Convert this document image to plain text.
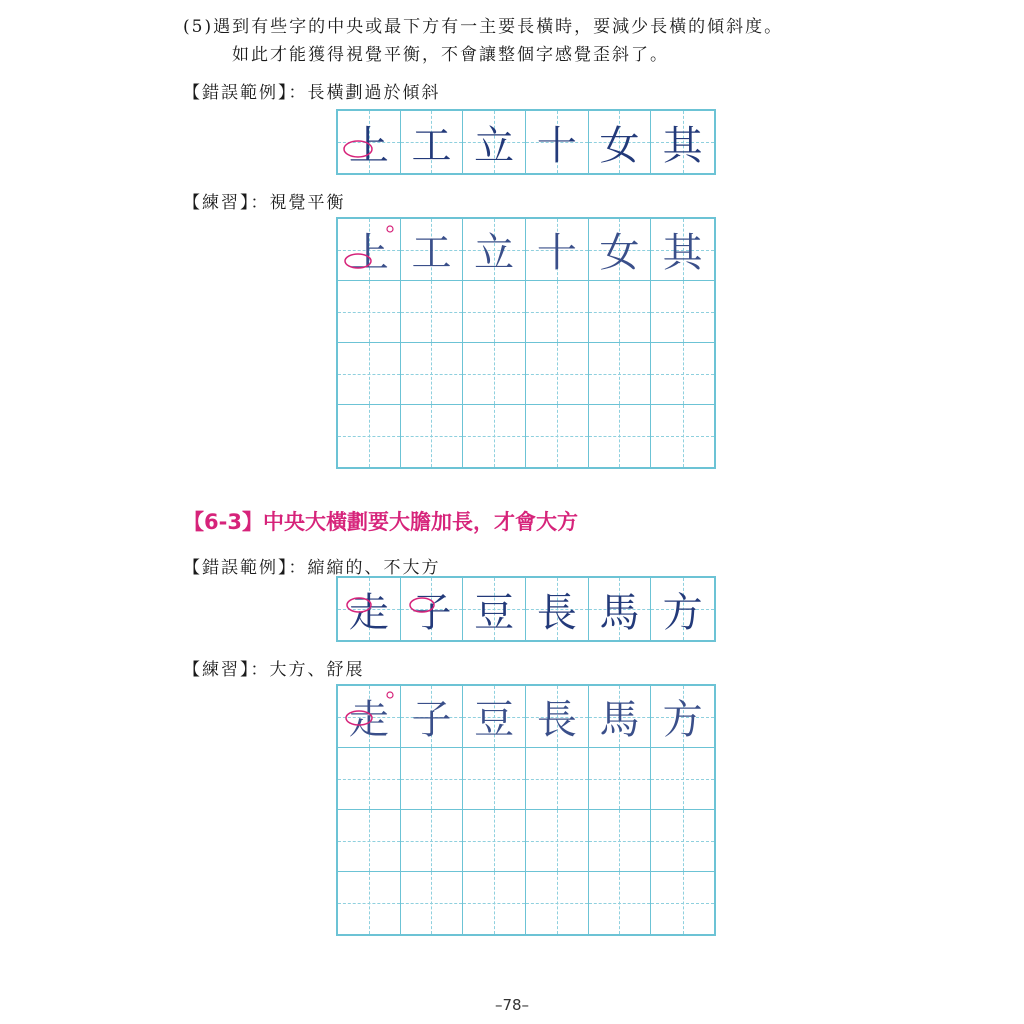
(5)遇到有些字的中央或最下方有一主要長橫時，要減少長橫的傾斜度。
如此才能獲得視覺平衡，不會讓整個字感覺歪斜了。
【錯誤範例】：長橫劃過於傾斜
上 工 立 十 女 其
【練習】：視覺平衡
上 工 立 十 女 其
【6-3】中央大橫劃要大膽加長，才會大方
【錯誤範例】：縮縮的、不大方
走 子 豆 長 馬 方
【練習】：大方、舒展
走 子 豆 長 馬 方
–78–
